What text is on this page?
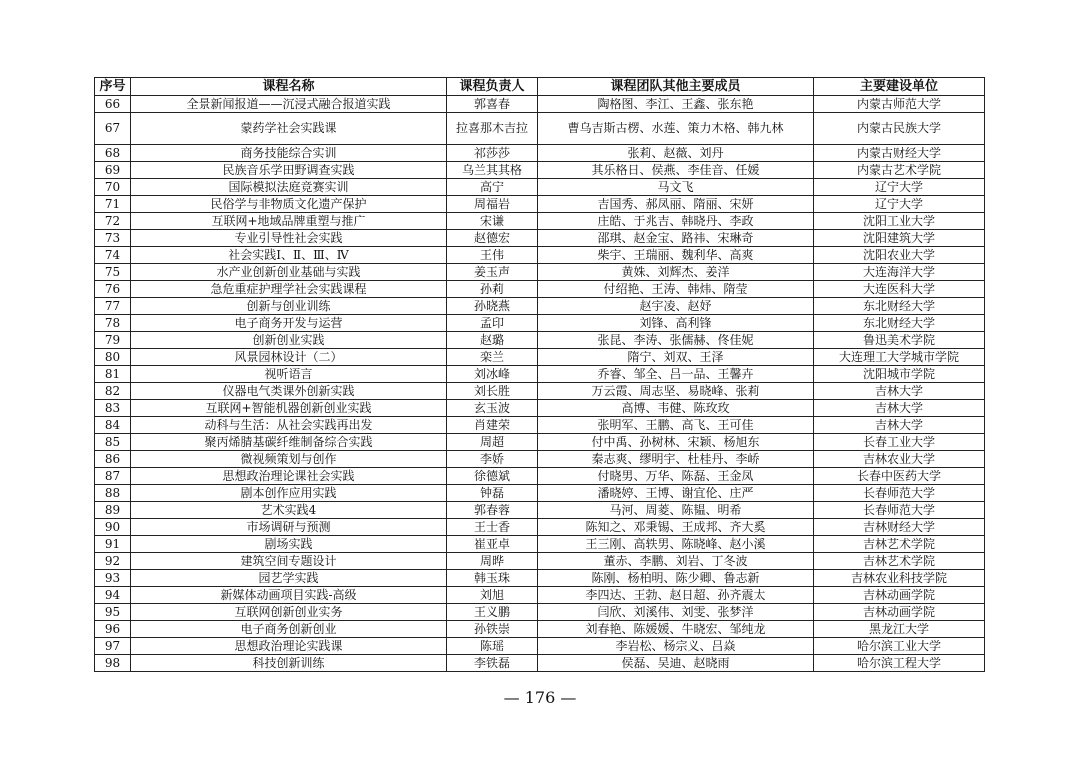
序号	课程名称	课程负责人	课程团队其他主要成员	主要建设单位
66	全景新闻报道——沉浸式融合报道实践	郭喜春	陶格图、李江、王鑫、张东艳	内蒙古师范大学
67	蒙药学社会实践课	拉喜那木吉拉	曹乌吉斯古楞、水莲、策力木格、韩九林	内蒙古民族大学
68	商务技能综合实训	祁莎莎	张莉、赵薇、刘丹	内蒙古财经大学
69	民族音乐学田野调查实践	乌兰其其格	其乐格日、侯燕、李佳音、任媛	内蒙古艺术学院
70	国际模拟法庭竞赛实训	高宁	马文飞	辽宁大学
71	民俗学与非物质文化遗产保护	周福岩	吉国秀、郝凤丽、隋丽、宋妍	辽宁大学
72	互联网+地域品牌重塑与推广	宋谦	庄皓、于兆吉、韩晓丹、李政	沈阳工业大学
73	专业引导性社会实践	赵德宏	邵琪、赵金宝、路祎、宋琳奇	沈阳建筑大学
74	社会实践Ⅰ、Ⅱ、Ⅲ、Ⅳ	王伟	柴宇、王瑞丽、魏利华、高爽	沈阳农业大学
75	水产业创新创业基础与实践	姜玉声	黄姝、刘辉杰、姜洋	大连海洋大学
76	急危重症护理学社会实践课程	孙莉	付绍艳、王涛、韩炜、隋莹	大连医科大学
77	创新与创业训练	孙晓燕	赵宇凌、赵妤	东北财经大学
78	电子商务开发与运营	孟印	刘锋、高利锋	东北财经大学
79	创新创业实践	赵璐	张昆、李涛、张儒赫、佟佳妮	鲁迅美术学院
80	风景园林设计（二）	栾兰	隋宁、刘双、王泽	大连理工大学城市学院
81	视听语言	刘冰峰	乔睿、邹全、吕一品、王馨卉	沈阳城市学院
82	仪器电气类课外创新实践	刘长胜	万云霞、周志坚、易晓峰、张莉	吉林大学
83	互联网+智能机器创新创业实践	玄玉波	高博、韦健、陈玫玫	吉林大学
84	动科与生活：从社会实践再出发	肖建荣	张明军、王鹏、高飞、王可佳	吉林大学
85	聚丙烯腈基碳纤维制备综合实践	周超	付中禹、孙树林、宋颖、杨旭东	长春工业大学
86	微视频策划与创作	李娇	秦志爽、缪明宇、杜桂丹、李峤	吉林农业大学
87	思想政治理论课社会实践	徐德斌	付晓男、万华、陈磊、王金凤	长春中医药大学
88	剧本创作应用实践	钟磊	潘晓婷、王博、谢宜伦、庄严	长春师范大学
89	艺术实践4	郭春蓉	马河、周菱、陈韫、明希	长春师范大学
90	市场调研与预测	王士香	陈知之、邓秉锡、王成邦、齐大奚	吉林财经大学
91	剧场实践	崔亚卓	王三刚、高轶男、陈晓峰、赵小溪	吉林艺术学院
92	建筑空间专题设计	周晔	董赤、李鹏、刘岩、丁冬波	吉林艺术学院
93	园艺学实践	韩玉珠	陈刚、杨柏明、陈少卿、鲁志新	吉林农业科技学院
94	新媒体动画项目实践-高级	刘旭	李四达、王勃、赵日超、孙齐震太	吉林动画学院
95	互联网创新创业实务	王义鹏	闫欣、刘溪伟、刘雯、张梦洋	吉林动画学院
96	电子商务创新创业	孙铁崇	刘春艳、陈媛媛、牛晓宏、邹纯龙	黑龙江大学
97	思想政治理论实践课	陈瑶	李岩松、杨宗义、吕焱	哈尔滨工业大学
98	科技创新训练	李铁磊	侯磊、吴迪、赵晓雨	哈尔滨工程大学
— 176 —
